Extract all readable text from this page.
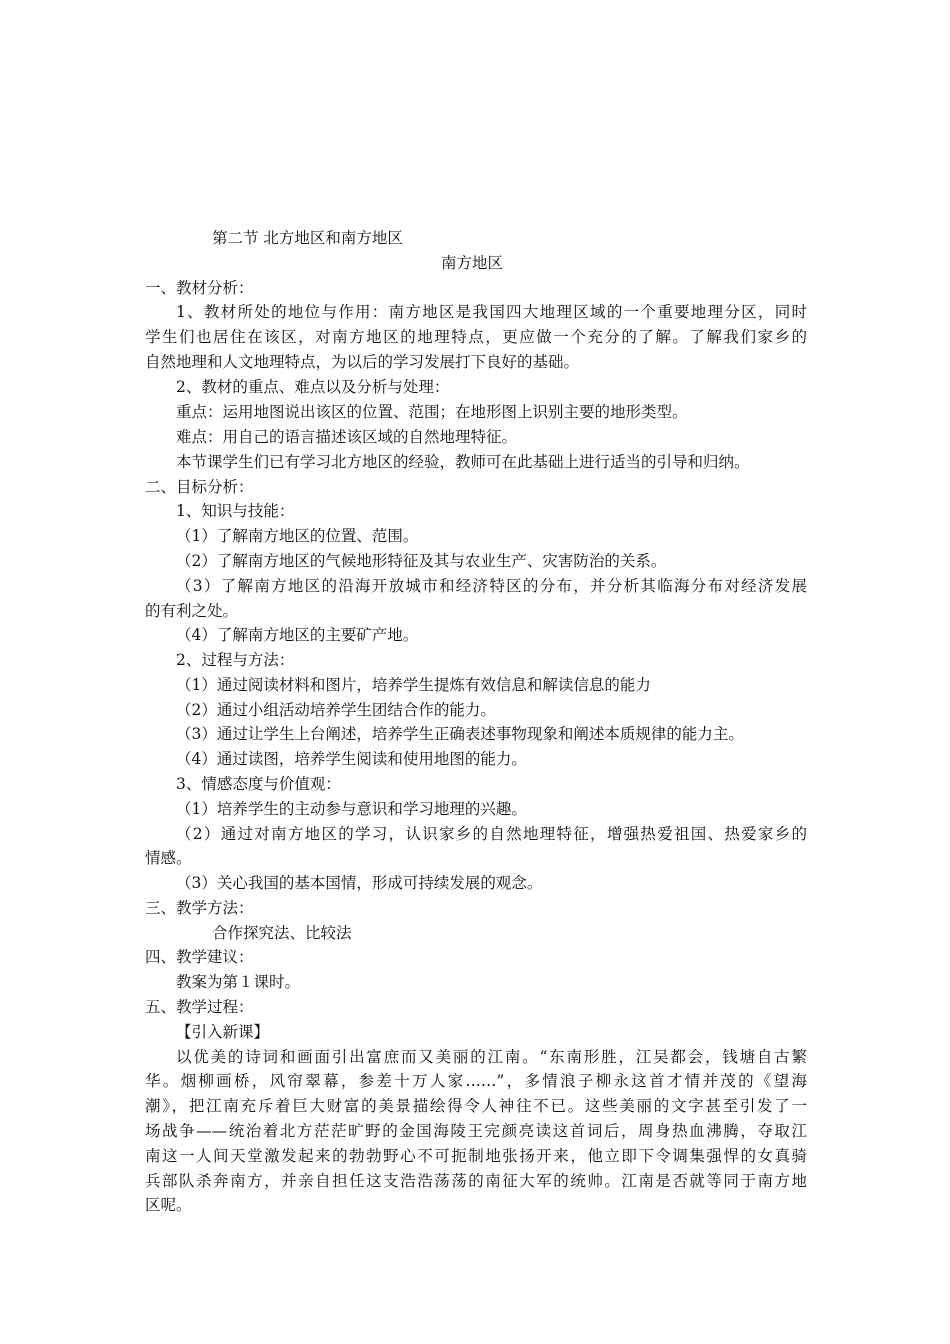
第二节 北方地区和南方地区
南方地区
一、教材分析：
1、教材所处的地位与作用：南方地区是我国四大地理区域的一个重要地理分区，同时
学生们也居住在该区，对南方地区的地理特点，更应做一个充分的了解。了解我们家乡的
自然地理和人文地理特点，为以后的学习发展打下良好的基础。
2、教材的重点、难点以及分析与处理：
重点：运用地图说出该区的位置、范围；在地形图上识别主要的地形类型。
难点：用自己的语言描述该区域的自然地理特征。
本节课学生们已有学习北方地区的经验，教师可在此基础上进行适当的引导和归纳。
二、目标分析：
1、知识与技能：
（1）了解南方地区的位置、范围。
（2）了解南方地区的气候地形特征及其与农业生产、灾害防治的关系。
（3）了解南方地区的沿海开放城市和经济特区的分布，并分析其临海分布对经济发展
的有利之处。
（4）了解南方地区的主要矿产地。
2、过程与方法：
（1）通过阅读材料和图片，培养学生提炼有效信息和解读信息的能力
（2）通过小组活动培养学生团结合作的能力。
（3）通过让学生上台阐述，培养学生正确表述事物现象和阐述本质规律的能力主。
（4）通过读图，培养学生阅读和使用地图的能力。
3、情感态度与价值观：
（1）培养学生的主动参与意识和学习地理的兴趣。
（2）通过对南方地区的学习，认识家乡的自然地理特征，增强热爱祖国、热爱家乡的
情感。
（3）关心我国的基本国情，形成可持续发展的观念。
三、教学方法：
合作探究法、比较法
四、教学建议：
教案为第１课时。
五、教学过程：
【引入新课】
以优美的诗词和画面引出富庶而又美丽的江南。“东南形胜，江吴都会，钱塘自古繁
华。烟柳画桥，风帘翠幕，参差十万人家……”，多情浪子柳永这首才情并茂的《望海
潮》，把江南充斥着巨大财富的美景描绘得令人神往不已。这些美丽的文字甚至引发了一
场战争——统治着北方茫茫旷野的金国海陵王完颜亮读这首词后，周身热血沸腾，夺取江
南这一人间天堂激发起来的勃勃野心不可扼制地张扬开来，他立即下令调集强悍的女真骑
兵部队杀奔南方，并亲自担任这支浩浩荡荡的南征大军的统帅。江南是否就等同于南方地
区呢。
